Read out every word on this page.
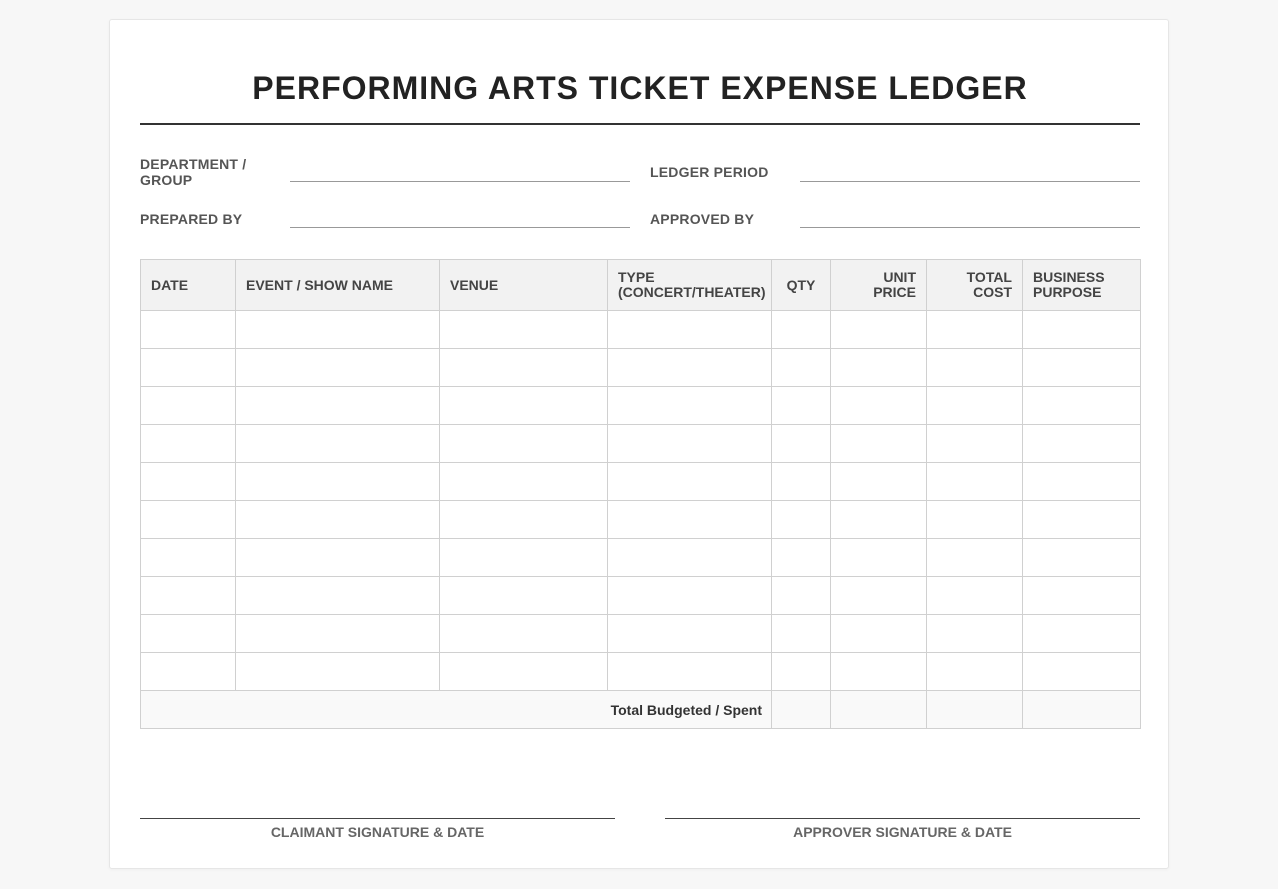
PERFORMING ARTS TICKET EXPENSE LEDGER
DEPARTMENT / GROUP	LEDGER PERIOD
PREPARED BY	APPROVED BY
DATE	EVENT / SHOW NAME	VENUE	TYPE (CONCERT/THEATER)	QTY	UNIT PRICE	TOTAL COST	BUSINESS PURPOSE

Total Budgeted / Spent							
CLAIMANT SIGNATURE & DATE	APPROVER SIGNATURE & DATE
